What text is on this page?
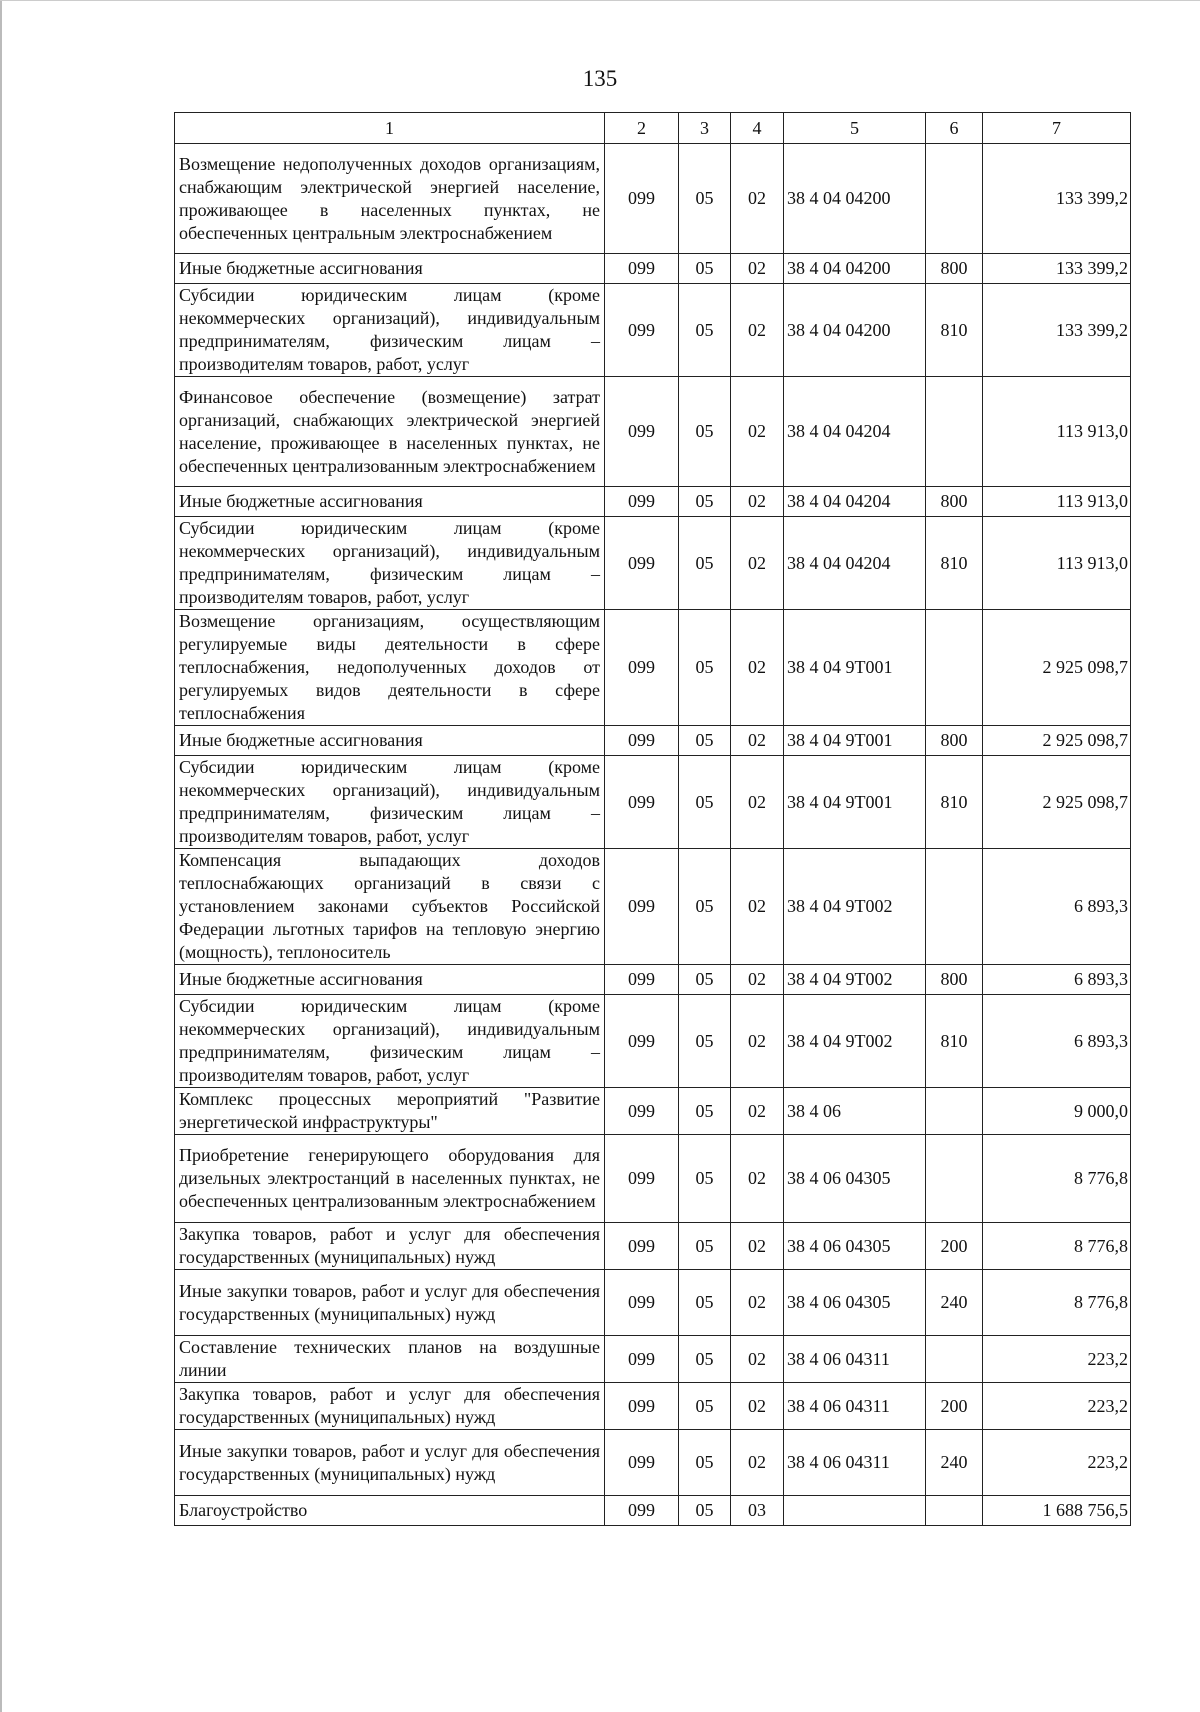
135
1	2	3	4	5	6	7
Возмещение недополученных доходов организациям, снабжающим электрической энергией население, проживающее в населенных пунктах, не обеспеченных центральным электроснабжением	099	05	02	38 4 04 04200		133 399,2
Иные бюджетные ассигнования	099	05	02	38 4 04 04200	800	133 399,2
Субсидии юридическим лицам (кроме некоммерческих организаций), индивидуальным предпринимателям, физическим лицам – производителям товаров, работ, услуг	099	05	02	38 4 04 04200	810	133 399,2
Финансовое обеспечение (возмещение) затрат организаций, снабжающих электрической энергией население, проживающее в населенных пунктах, не обеспеченных централизованным электроснабжением	099	05	02	38 4 04 04204		113 913,0
Иные бюджетные ассигнования	099	05	02	38 4 04 04204	800	113 913,0
Субсидии юридическим лицам (кроме некоммерческих организаций), индивидуальным предпринимателям, физическим лицам – производителям товаров, работ, услуг	099	05	02	38 4 04 04204	810	113 913,0
Возмещение организациям, осуществляющим регулируемые виды деятельности в сфере теплоснабжения, недополученных доходов от регулируемых видов деятельности в сфере теплоснабжения	099	05	02	38 4 04 9Т001		2 925 098,7
Иные бюджетные ассигнования	099	05	02	38 4 04 9Т001	800	2 925 098,7
Субсидии юридическим лицам (кроме некоммерческих организаций), индивидуальным предпринимателям, физическим лицам – производителям товаров, работ, услуг	099	05	02	38 4 04 9Т001	810	2 925 098,7
Компенсация выпадающих доходов теплоснабжающих организаций в связи с установлением законами субъектов Российской Федерации льготных тарифов на тепловую энергию (мощность), теплоноситель	099	05	02	38 4 04 9Т002		6 893,3
Иные бюджетные ассигнования	099	05	02	38 4 04 9Т002	800	6 893,3
Субсидии юридическим лицам (кроме некоммерческих организаций), индивидуальным предпринимателям, физическим лицам – производителям товаров, работ, услуг	099	05	02	38 4 04 9Т002	810	6 893,3
Комплекс процессных мероприятий "Развитие энергетической инфраструктуры"	099	05	02	38 4 06		9 000,0
Приобретение генерирующего оборудования для дизельных электростанций в населенных пунктах, не обеспеченных централизованным электроснабжением	099	05	02	38 4 06 04305		8 776,8
Закупка товаров, работ и услуг для обеспечения государственных (муниципальных) нужд	099	05	02	38 4 06 04305	200	8 776,8
Иные закупки товаров, работ и услуг для обеспечения государственных (муниципальных) нужд	099	05	02	38 4 06 04305	240	8 776,8
Составление технических планов на воздушные линии	099	05	02	38 4 06 04311		223,2
Закупка товаров, работ и услуг для обеспечения государственных (муниципальных) нужд	099	05	02	38 4 06 04311	200	223,2
Иные закупки товаров, работ и услуг для обеспечения государственных (муниципальных) нужд	099	05	02	38 4 06 04311	240	223,2
Благоустройство	099	05	03			1 688 756,5
